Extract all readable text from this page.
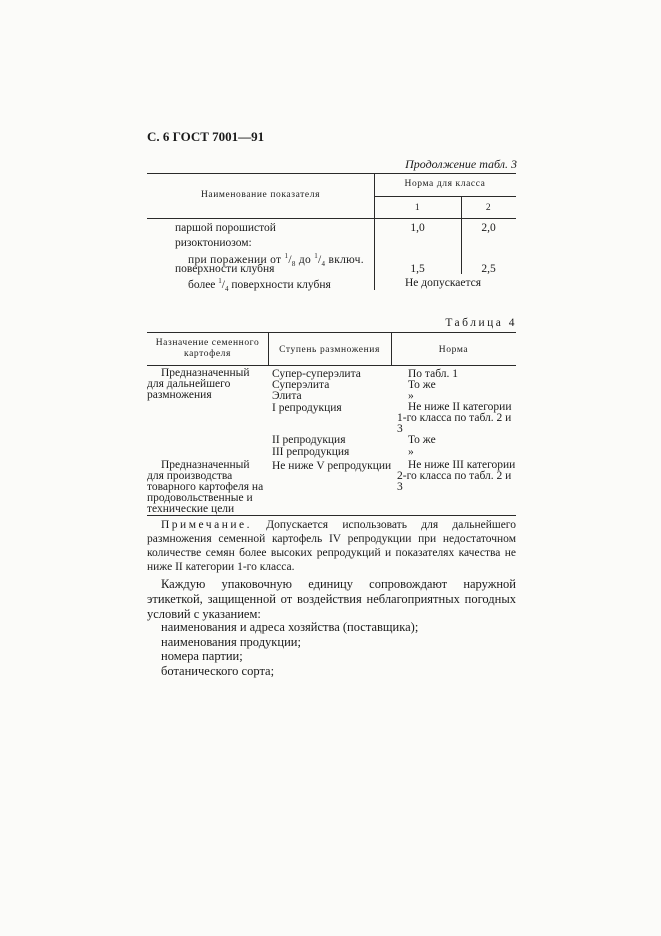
С. 6 ГОСТ 7001—91
Продолжение табл. 3
Наименование показателя
Норма для класса
1	2
паршой порошистой	1,0	2,0
ризоктониозом:
при поражении от $^1/_8$ до $^1/_4$ включ.
поверхности клубня	1,5	2,5
более $^1/_4$ поверхности клубня	Не допускается
Таблица 4
Назначение семенного картофеля	Ступень размножения	Норма
Предназначенный для дальнейшего размножения
Супер-суперэлита	По табл. 1
Суперэлита	То же
Элита	»
I репродукция	Не ниже II категории 1-го класса по табл. 2 и 3
II репродукция	То же
III репродукция	»
Предназначенный для производства товарного картофеля на продовольственные и технические цели
Не ниже V репродукции	Не ниже III категории 2-го класса по табл. 2 и 3
Примечание. Допускается использовать для дальнейшего размножения семенной картофель IV репродукции при недостаточном количестве семян более высоких репродукций и показателях качества не ниже II категории 1-го класса.
Каждую упаковочную единицу сопровождают наружной этикеткой, защищенной от воздействия неблагоприятных погодных условий с указанием:
наименования и адреса хозяйства (поставщика);
наименования продукции;
номера партии;
ботанического сорта;
